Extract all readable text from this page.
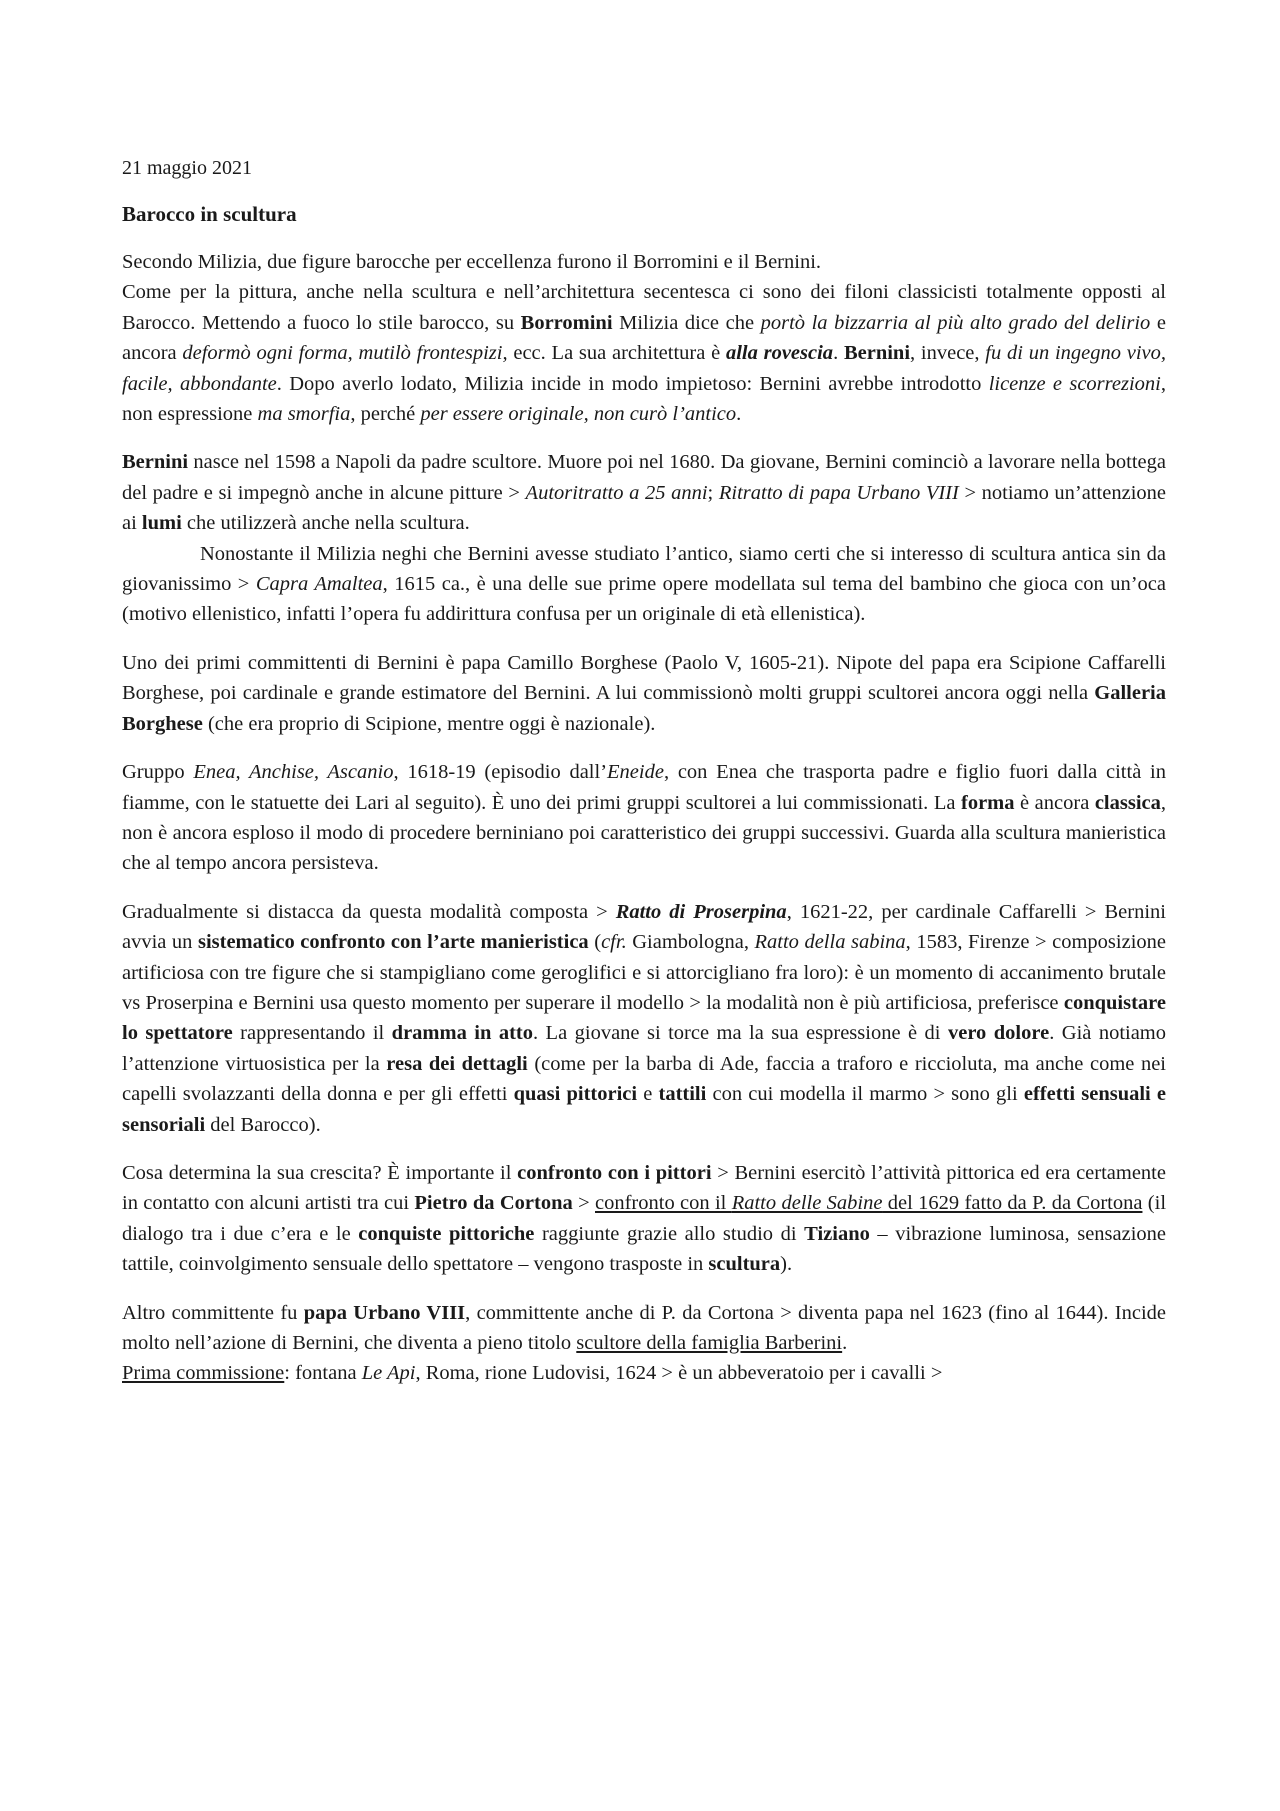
21 maggio 2021
Barocco in scultura

Secondo Milizia, due figure barocche per eccellenza furono il Borromini e il Bernini.
Come per la pittura, anche nella scultura e nell’architettura secentesca ci sono dei filoni classicisti totalmente opposti al Barocco. Mettendo a fuoco lo stile barocco, su Borromini Milizia dice che portò la bizzarria al più alto grado del delirio e ancora deformò ogni forma, mutilò frontespizi, ecc. La sua architettura è alla rovescia. Bernini, invece, fu di un ingegno vivo, facile, abbondante. Dopo averlo lodato, Milizia incide in modo impietoso: Bernini avrebbe introdotto licenze e scorrezioni, non espressione ma smorfia, perché per essere originale, non curò l’antico.

Bernini nasce nel 1598 a Napoli da padre scultore. Muore poi nel 1680. Da giovane, Bernini cominciò a lavorare nella bottega del padre e si impegnò anche in alcune pitture > Autoritratto a 25 anni; Ritratto di papa Urbano VIII > notiamo un’attenzione ai lumi che utilizzerà anche nella scultura.

Nonostante il Milizia neghi che Bernini avesse studiato l’antico, siamo certi che si interesso di scultura antica sin da giovanissimo > Capra Amaltea, 1615 ca., è una delle sue prime opere modellata sul tema del bambino che gioca con un’oca (motivo ellenistico, infatti l’opera fu addirittura confusa per un originale di età ellenistica).

Uno dei primi committenti di Bernini è papa Camillo Borghese (Paolo V, 1605-21). Nipote del papa era Scipione Caffarelli Borghese, poi cardinale e grande estimatore del Bernini. A lui commissionò molti gruppi scultorei ancora oggi nella Galleria Borghese (che era proprio di Scipione, mentre oggi è nazionale).

Gruppo Enea, Anchise, Ascanio, 1618-19 (episodio dall’Eneide, con Enea che trasporta padre e figlio fuori dalla città in fiamme, con le statuette dei Lari al seguito). È uno dei primi gruppi scultorei a lui commissionati. La forma è ancora classica, non è ancora esploso il modo di procedere berniniano poi caratteristico dei gruppi successivi. Guarda alla scultura manieristica che al tempo ancora persisteva.

Gradualmente si distacca da questa modalità composta > Ratto di Proserpina, 1621-22, per cardinale Caffarelli > Bernini avvia un sistematico confronto con l’arte manieristica (cfr. Giambologna, Ratto della sabina, 1583, Firenze > composizione artificiosa con tre figure che si stampigliano come geroglifici e si attorcigliano fra loro): è un momento di accanimento brutale vs Proserpina e Bernini usa questo momento per superare il modello > la modalità non è più artificiosa, preferisce conquistare lo spettatore rappresentando il dramma in atto. La giovane si torce ma la sua espressione è di vero dolore. Già notiamo l’attenzione virtuosistica per la resa dei dettagli (come per la barba di Ade, faccia a traforo e ricciolutа, ma anche come nei capelli svolazzanti della donna e per gli effetti quasi pittorici e tattili con cui modella il marmo > sono gli effetti sensuali e sensoriali del Barocco).

Cosa determina la sua crescita? È importante il confronto con i pittori > Bernini esercitò l’attività pittorica ed era certamente in contatto con alcuni artisti tra cui Pietro da Cortona > confronto con il Ratto delle Sabine del 1629 fatto da P. da Cortona (il dialogo tra i due c’era e le conquiste pittoriche raggiunte grazie allo studio di Tiziano – vibrazione luminosa, sensazione tattile, coinvolgimento sensuale dello spettatore – vengono trasposte in scultura).

Altro committente fu papa Urbano VIII, committente anche di P. da Cortona > diventa papa nel 1623 (fino al 1644). Incide molto nell’azione di Bernini, che diventa a pieno titolo scultore della famiglia Barberini.

Prima commissione: fontana Le Api, Roma, rione Ludovisi, 1624 > è un abbeveratoio per i cavalli >
